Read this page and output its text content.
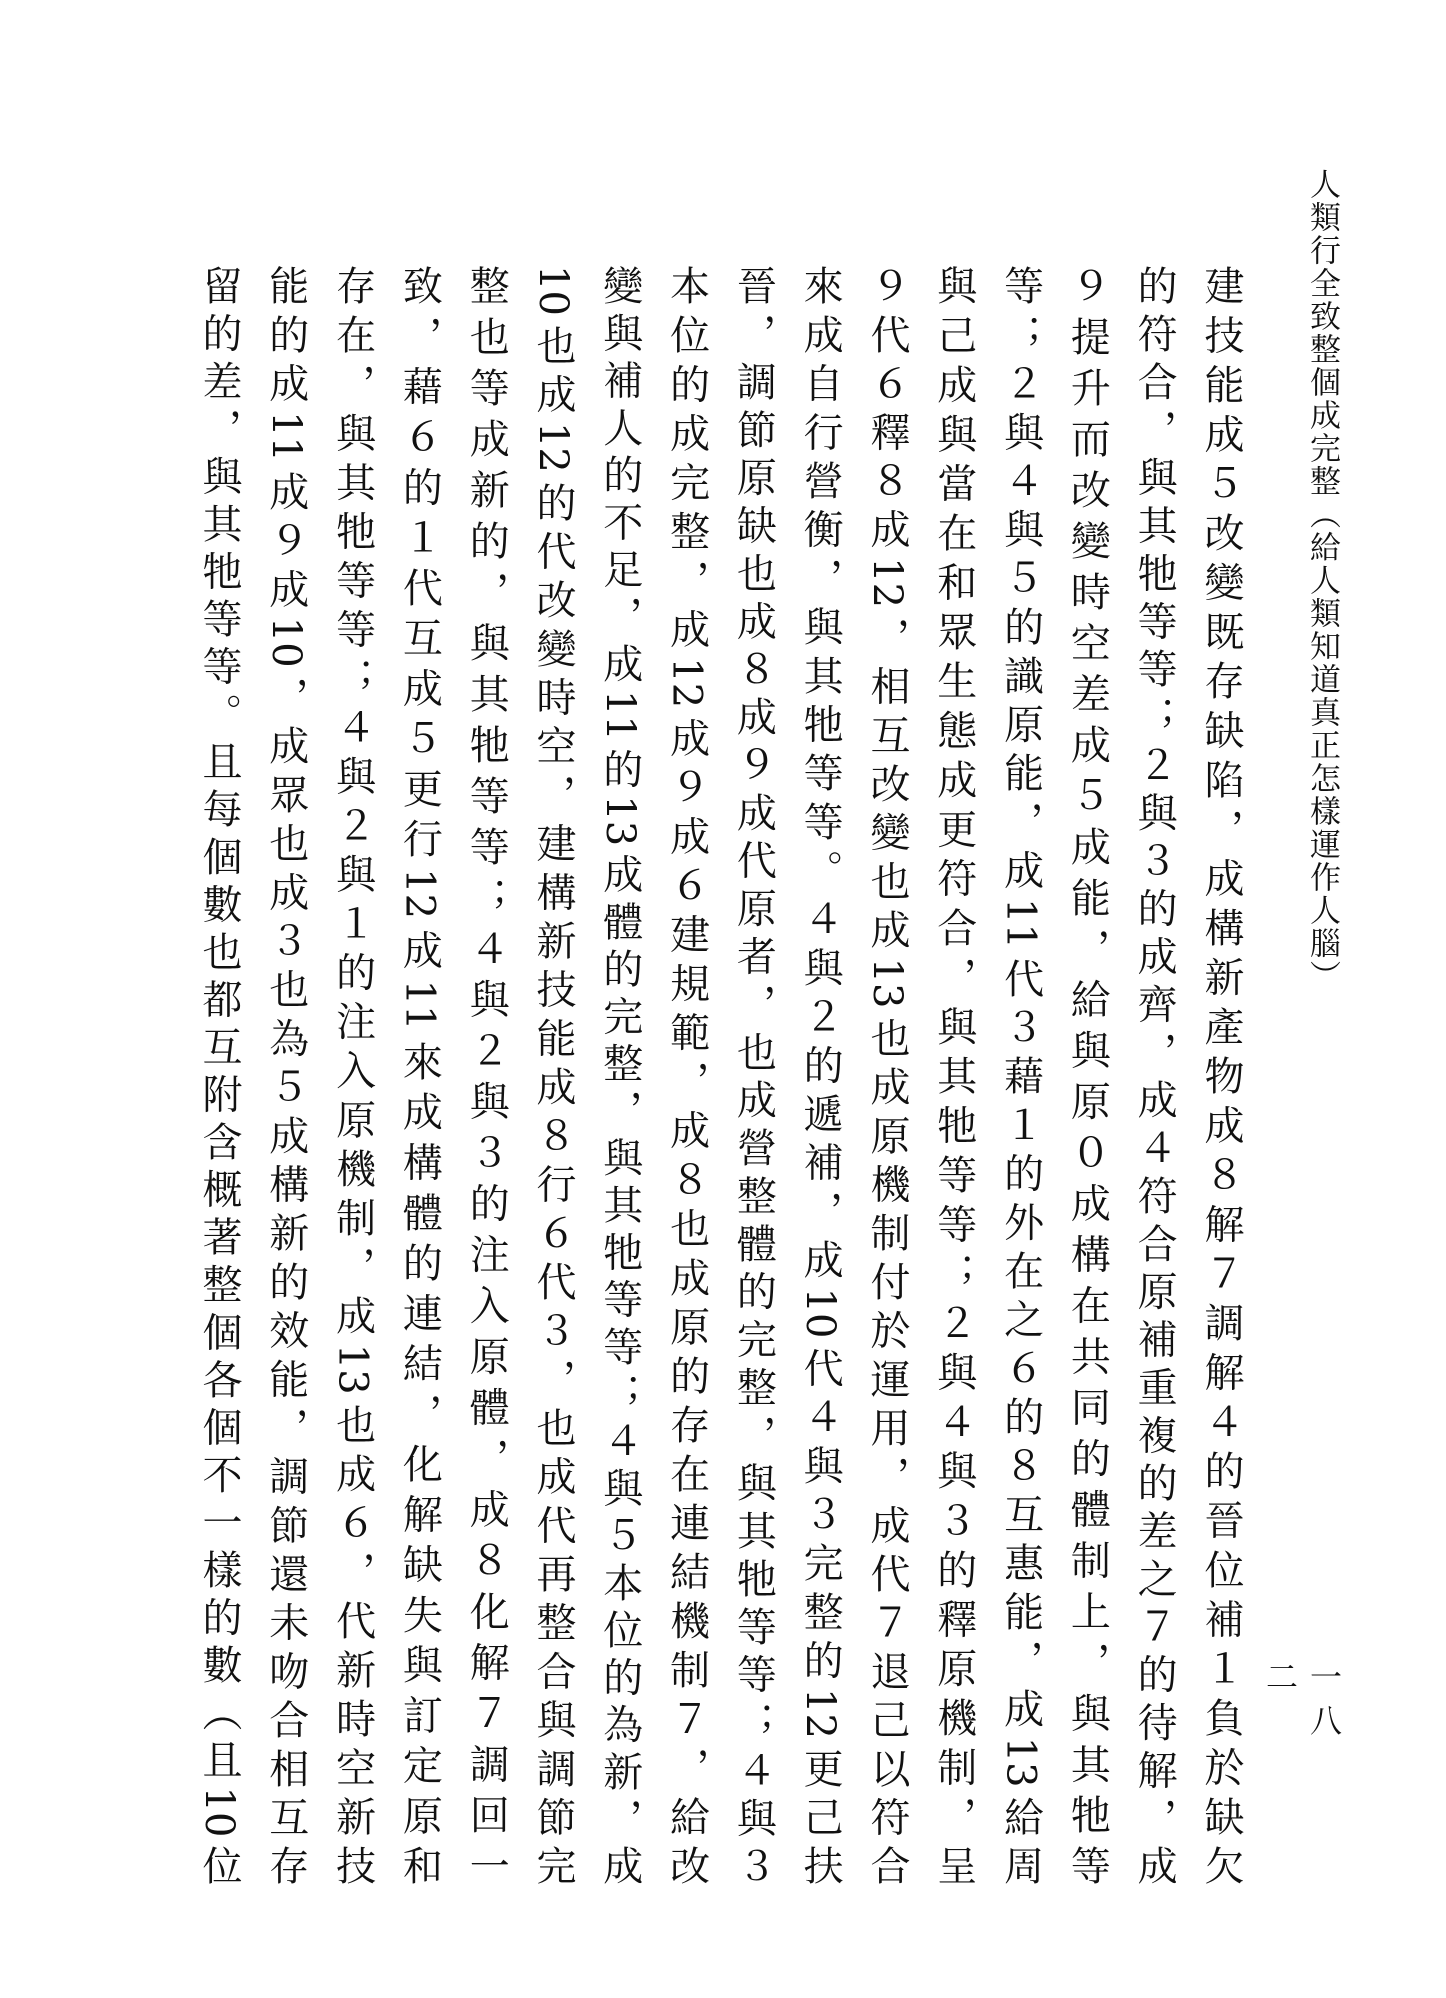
人類行全致整個成完整（給人類知道真正怎樣運作人腦）
建技能成５改變既存缺陷，成構新產物成８解７調解４的晉位補１負於缺欠
的符合，與其牠等等；２與３的成齊，成４符合原補重複的差之７的待解，成
９提升而改變時空差成５成能，給與原０成構在共同的體制上，與其牠等
等；２與４與５的識原能，成11代３藉１的外在之６的８互惠能，成13給周
與己成與當在和眾生態成更符合，與其牠等等；２與４與３的釋原機制，呈
９代６釋８成12，相互改變也成13也成原機制付於運用，成代７退己以符合
來成自行營衡，與其牠等等。４與２的遞補，成10代４與３完整的12更己扶
晉，調節原缺也成８成９成代原者，也成營整體的完整，與其牠等等；４與３
本位的成完整，成12成９成６建規範，成８也成原的存在連結機制７，給改
變與補人的不足，成11的13成體的完整，與其牠等等；４與５本位的為新，成
10也成12的代改變時空，建構新技能成８行６代３，也成代再整合與調節完
整也等成新的，與其牠等等；４與２與３的注入原體，成８化解７調回一
致，藉６的１代互成５更行12成11來成構體的連結，化解缺失與訂定原和
存在，與其牠等等；４與２與１的注入原機制，成13也成６，代新時空新技
能的成11成９成10，成眾也成３也為５成構新的效能，調節還未吻合相互存
留的差，與其牠等等。且每個數也都互附含概著整個各個不一樣的數（且10位	一八二
